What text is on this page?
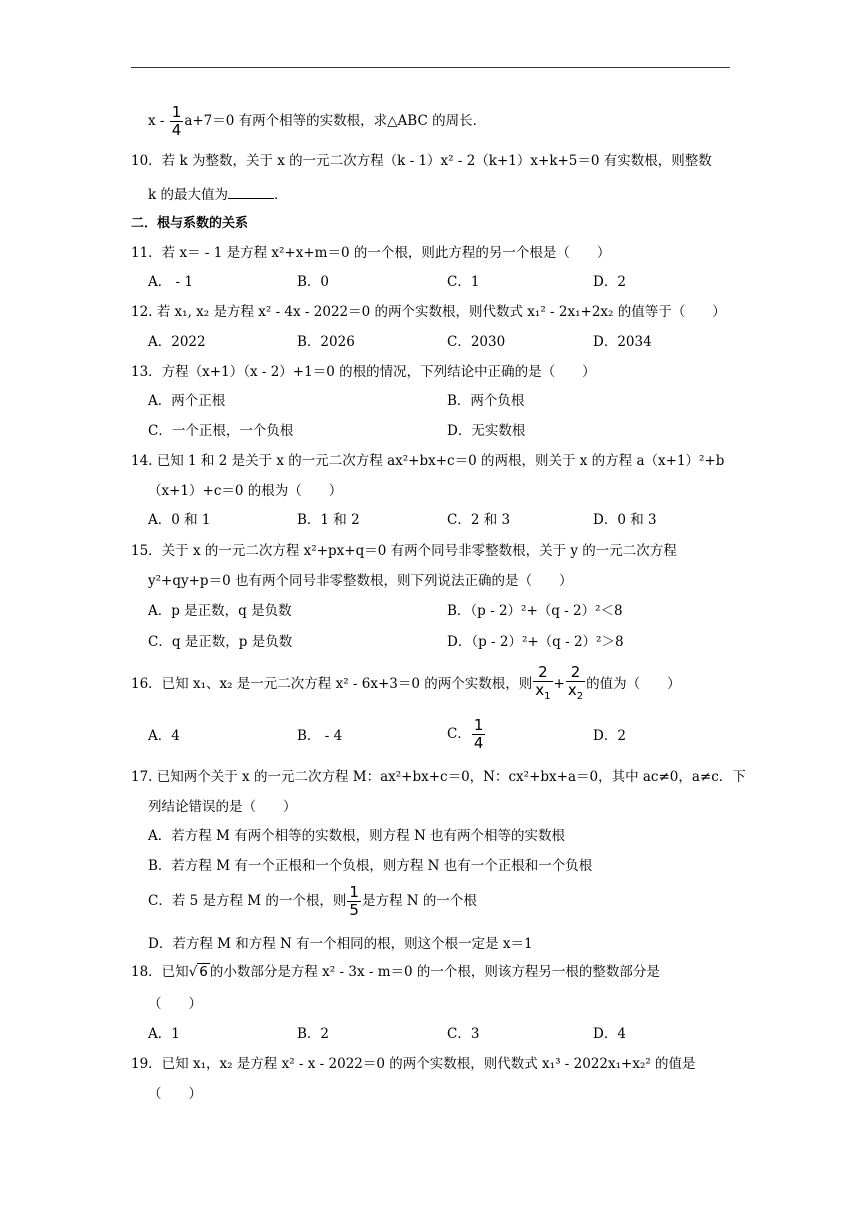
$x - \frac{1}{4} a+7=0$ 有两个相等的实数根，求△ABC 的周长．
10．若 k 为整数，关于 x 的一元二次方程（k - 1）x² - 2（k+1）x+k+5＝0 有实数根，则整数
k 的最大值为	．
二．根与系数的关系
11．若 x＝ - 1 是方程 x²+x+m＝0 的一个根，则此方程的另一个根是（　　）
A． - 1	B．0	C．1	D．2
12. 若 x₁, x₂ 是方程 x² - 4x - 2022＝0 的两个实数根，则代数式 x₁² - 2x₁+2x₂ 的值等于（　　）
A．2022	B．2026	C．2030	D．2034
13．方程（x+1）（x - 2）+1＝0 的根的情况，下列结论中正确的是（　　）
A．两个正根	B．两个负根
C．一个正根，一个负根	D．无实数根
14. 已知 1 和 2 是关于 x 的一元二次方程 ax²+bx+c＝0 的两根，则关于 x 的方程 a（x+1）²+b
（x+1）+c＝0 的根为（　　）
A．0 和 1	B．1 和 2	C．2 和 3	D．0 和 3
15．关于 x 的一元二次方程 x²+px+q＝0 有两个同号非零整数根，关于 y 的一元二次方程
y²+qy+p＝0 也有两个同号非零整数根，则下列说法正确的是（　　）
A．p 是正数，q 是负数	B．（p - 2）²+（q - 2）²＜8
C．q 是正数，p 是负数	D．（p - 2）²+（q - 2）²＞8
16．已知 x₁、x₂ 是一元二次方程 x² - 6x+3＝0 的两个实数根，则 $\frac{2}{x_1} + \frac{2}{x_2}$ 的值为（　　）
A．4	B． - 4	C． $\frac{1}{4}$	D．2
17. 已知两个关于 x 的一元二次方程 M：ax²+bx+c＝0，N：cx²+bx+a＝0，其中 ac≠0，a≠c．下
列结论错误的是（　　）
A．若方程 M 有两个相等的实数根，则方程 N 也有两个相等的实数根
B．若方程 M 有一个正根和一个负根，则方程 N 也有一个正根和一个负根
C．若 5 是方程 M 的一个根，则 $\frac{1}{5}$ 是方程 N 的一个根
D．若方程 M 和方程 N 有一个相同的根，则这个根一定是 x＝1
18．已知√ 6 的小数部分是方程 x² - 3x - m＝0 的一个根，则该方程另一根的整数部分是
（　　）
A．1	B．2	C．3	D．4
19．已知 x₁，x₂ 是方程 x² - x - 2022＝0 的两个实数根，则代数式 x₁³ - 2022x₁+x₂² 的值是
（　　）
